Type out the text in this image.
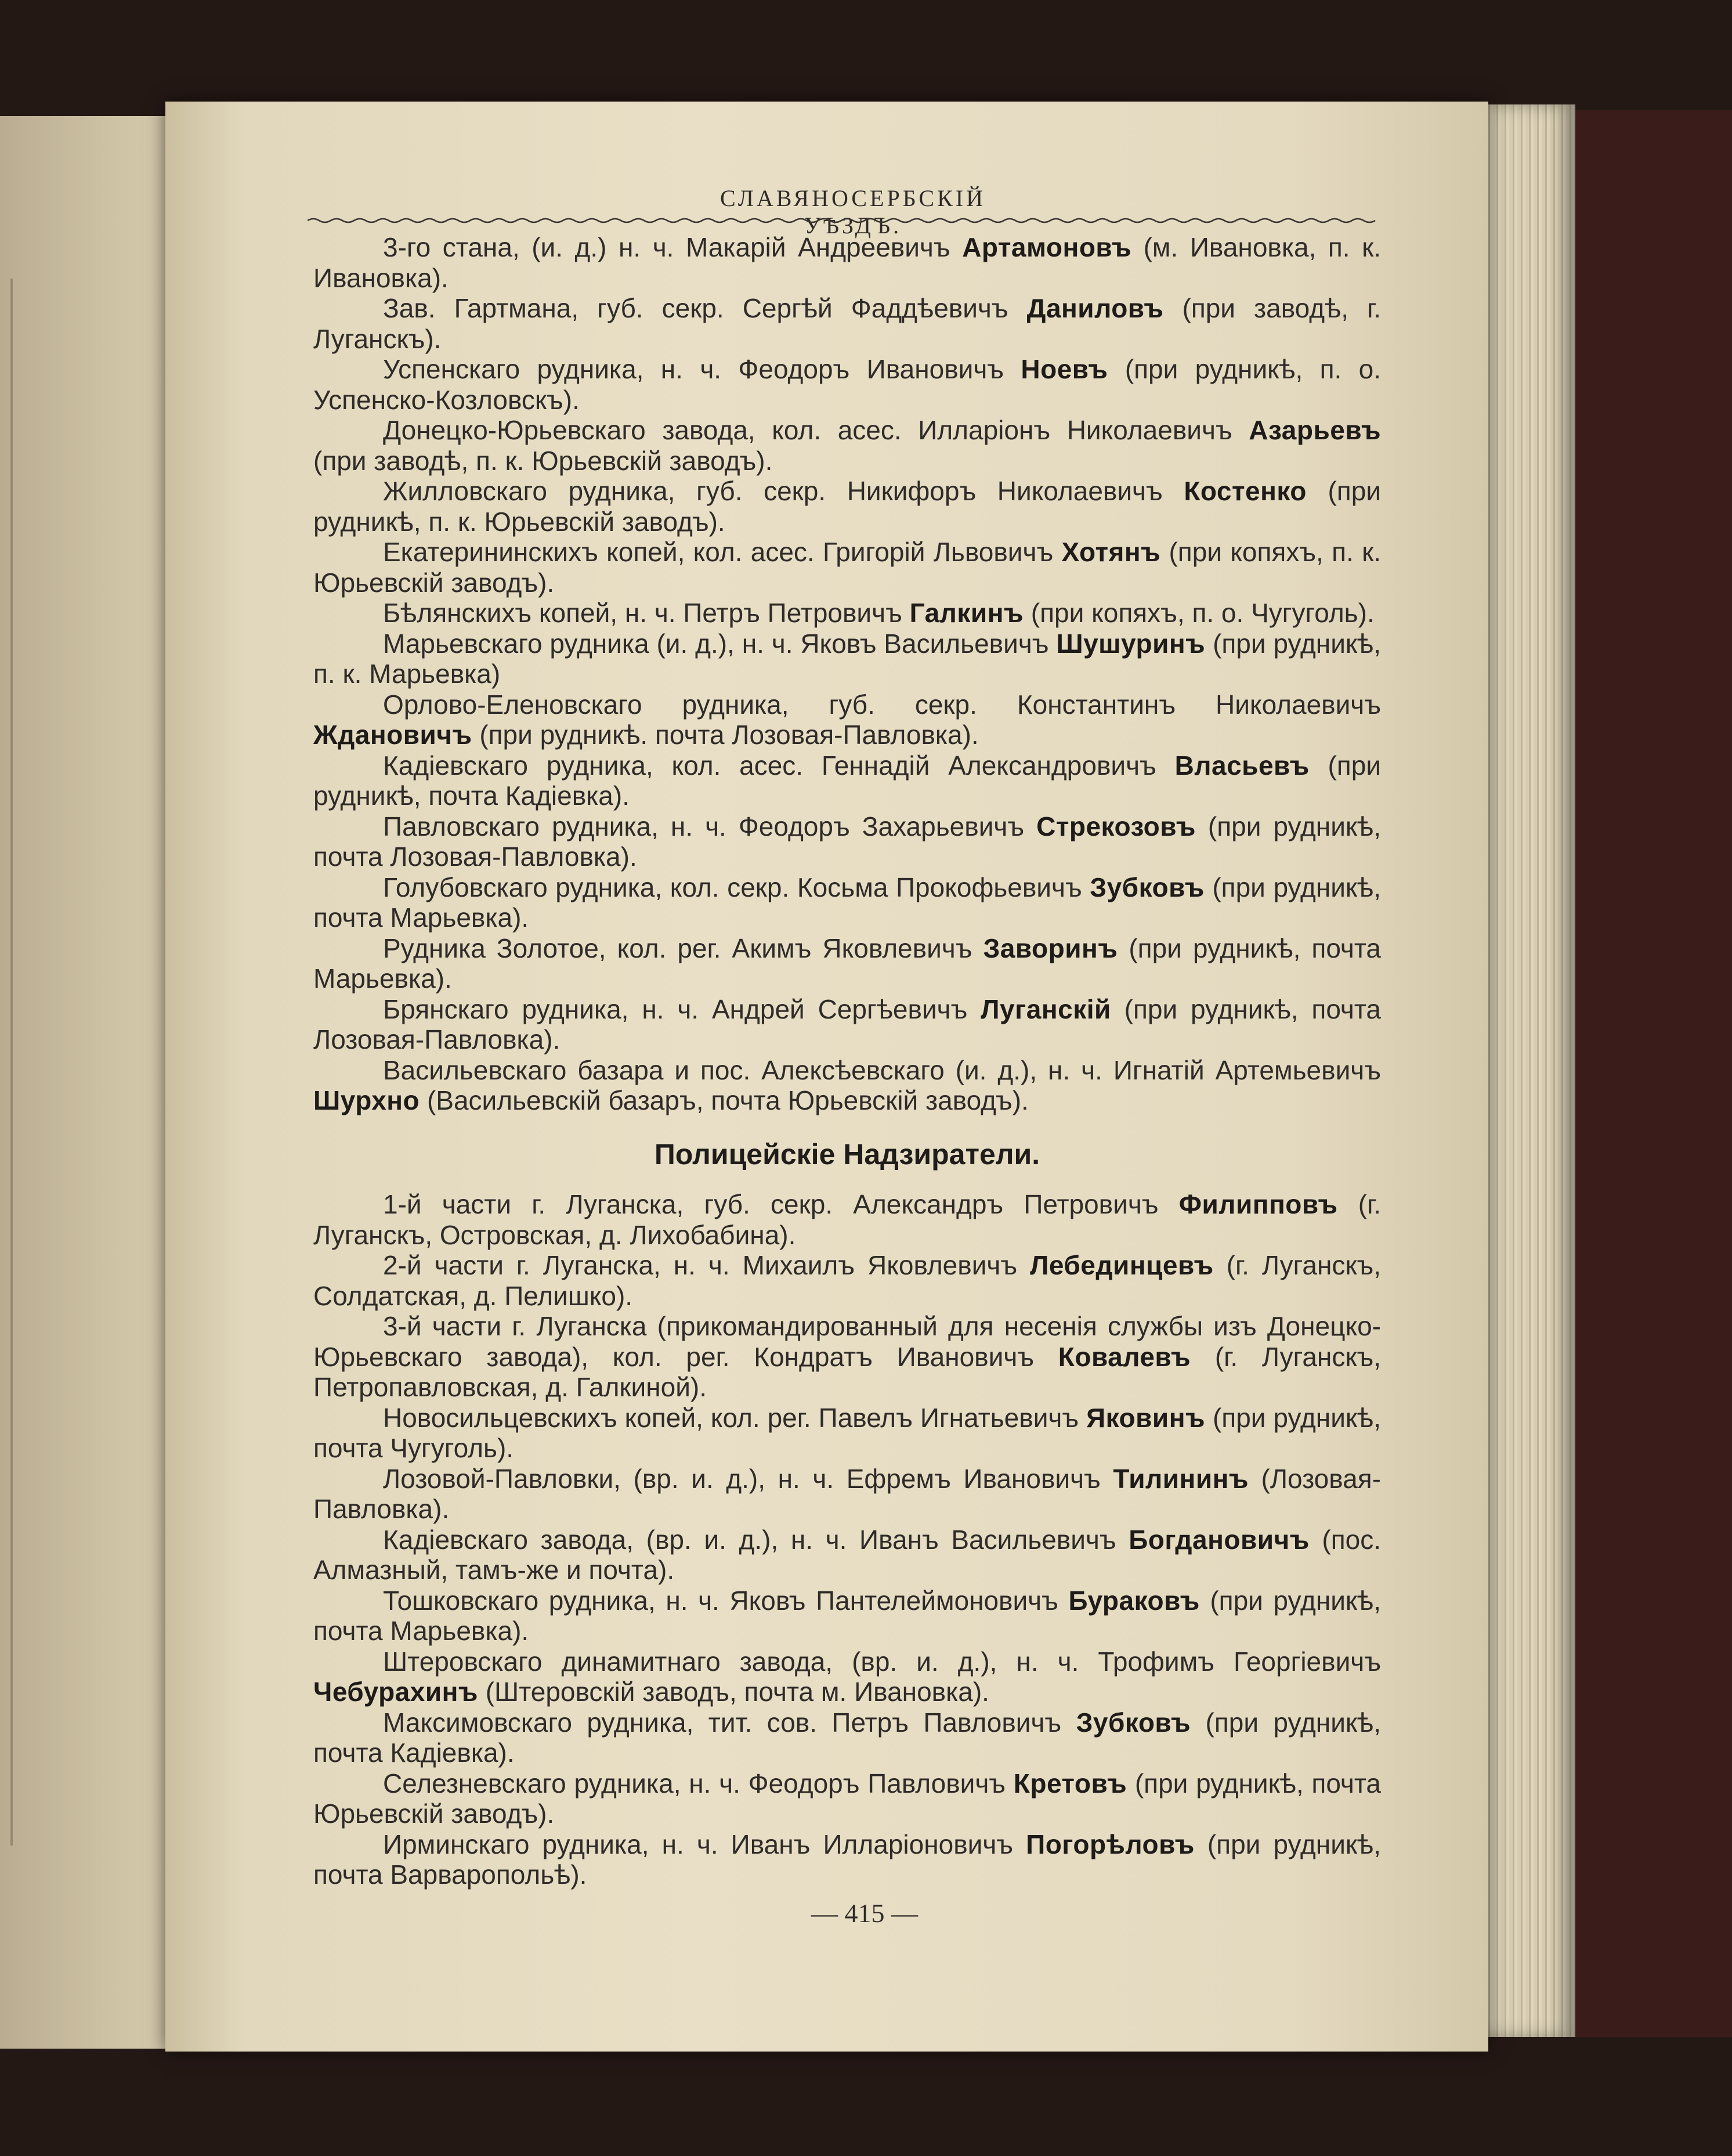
СЛАВЯНОСЕРБСКІЙ УѢЗДЪ.

3-го стана, (и. д.) н. ч. Макарій Андреевичъ Артамоновъ (м. Ивановка, п. к. Ивановка).

Зав. Гартмана, губ. секр. Сергѣй Фаддѣевичъ Даниловъ (при заводѣ, г. Луганскъ).

Успенскаго рудника, н. ч. Феодоръ Ивановичъ Ноевъ (при рудникѣ, п. о. Успенско-Козловскъ).

Донецко-Юрьевскаго завода, кол. асес. Илларіонъ Николаевичъ Азарьевъ (при заводѣ, п. к. Юрьевскій заводъ).

Жилловскаго рудника, губ. секр. Никифоръ Николаевичъ Костенко (при рудникѣ, п. к. Юрьевскій заводъ).

Екатерининскихъ копей, кол. асес. Григорій Львовичъ Хотянъ (при копяхъ, п. к. Юрьевскій заводъ).

Бѣлянскихъ копей, н. ч. Петръ Петровичъ Галкинъ (при копяхъ, п. о. Чугуголь).

Марьевскаго рудника (и. д.), н. ч. Яковъ Васильевичъ Шушуринъ (при рудникѣ, п. к. Марьевка)

Орлово-Еленовскаго рудника, губ. секр. Константинъ Николаевичъ Ждановичъ (при рудникѣ. почта Лозовая-Павловка).

Кадіевскаго рудника, кол. асес. Геннадій Александровичъ Власьевъ (при рудникѣ, почта Кадіевка).

Павловскаго рудника, н. ч. Феодоръ Захарьевичъ Стрекозовъ (при рудникѣ, почта Лозовая-Павловка).

Голубовскаго рудника, кол. секр. Косьма Прокофьевичъ Зубковъ (при рудникѣ, почта Марьевка).

Рудника Золотое, кол. рег. Акимъ Яковлевичъ Заворинъ (при рудникѣ, почта Марьевка).

Брянскаго рудника, н. ч. Андрей Сергѣевичъ Луганскій (при рудникѣ, почта Лозовая-Павловка).

Васильевскаго базара и пос. Алексѣевскаго (и. д.), н. ч. Игнатій Артемьевичъ Шурхно (Васильевскій базаръ, почта Юрьевскій заводъ).

Полицейскіе Надзиратели.

1-й части г. Луганска, губ. секр. Александръ Петровичъ Филипповъ (г. Луганскъ, Островская, д. Лихобабина).

2-й части г. Луганска, н. ч. Михаилъ Яковлевичъ Лебединцевъ (г. Луганскъ, Солдатская, д. Пелишко).

3-й части г. Луганска (прикомандированный для несенія службы изъ Донецко-Юрьевскаго завода), кол. рег. Кондратъ Ивановичъ Ковалевъ (г. Луганскъ, Петропавловская, д. Галкиной).

Новосильцевскихъ копей, кол. рег. Павелъ Игнатьевичъ Яковинъ (при рудникѣ, почта Чугуголь).

Лозовой-Павловки, (вр. и. д.), н. ч. Ефремъ Ивановичъ Тилининъ (Лозовая-Павловка).

Кадіевскаго завода, (вр. и. д.), н. ч. Иванъ Васильевичъ Богдановичъ (пос. Алмазный, тамъ-же и почта).

Тошковскаго рудника, н. ч. Яковъ Пантелеймоновичъ Бураковъ (при рудникѣ, почта Марьевка).

Штеровскаго динамитнаго завода, (вр. и. д.), н. ч. Трофимъ Георгіевичъ Чебурахинъ (Штеровскій заводъ, почта м. Ивановка).

Максимовскаго рудника, тит. сов. Петръ Павловичъ Зубковъ (при рудникѣ, почта Кадіевка).

Селезневскаго рудника, н. ч. Феодоръ Павловичъ Кретовъ (при рудникѣ, почта Юрьевскій заводъ).

Ирминскаго рудника, н. ч. Иванъ Илларіоновичъ Погорѣловъ (при рудникѣ, почта Варваропольѣ).

— 415 —
